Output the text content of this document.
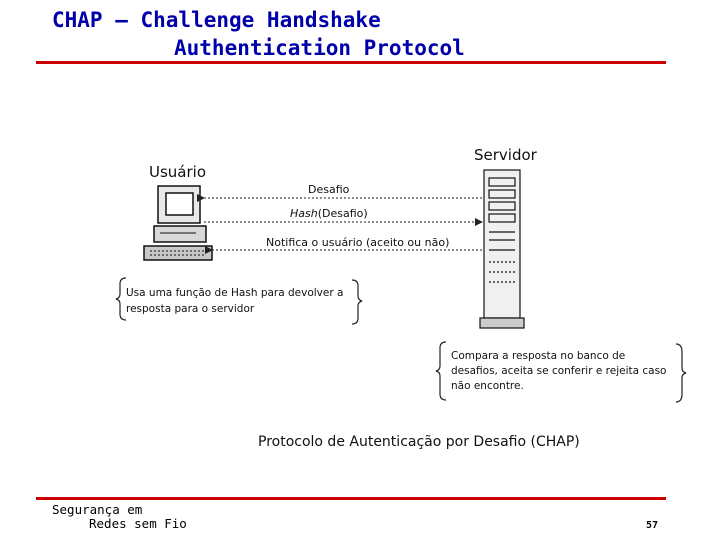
CHAP – Challenge Handshake
Authentication Protocol
Usuário
Servidor
Desafio
Hash(Desafio)
Notifica o usuário (aceito ou não)
Usa uma função de Hash para devolver a
resposta para o servidor
Compara a resposta no banco de
desafios, aceita se conferir e rejeita caso
não encontre.
Protocolo de Autenticação por Desafio (CHAP)
Segurança em
Redes sem Fio	57
